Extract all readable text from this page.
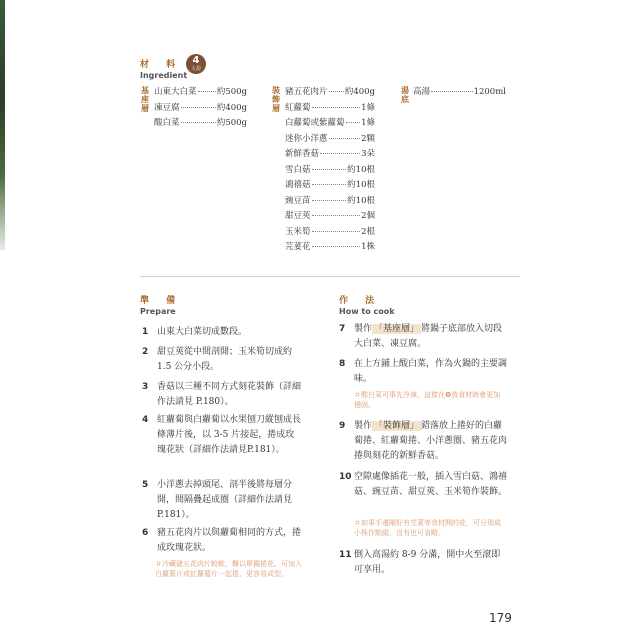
材 料
Ingredient
4
人份
基座層
山東大白菜 約500g
凍豆腐	約400g
酸白菜	約500g
裝飾層
豬五花肉片 約400g
紅蘿蔔	1條
白蘿蔔或紫蘿蔔 1條
迷你小洋蔥	2顆
新鮮香菇	3朵
雪白菇	約10根
鴻禧菇	約10根
豌豆苗	約10根
甜豆莢	2個
玉米筍	2根
芫荽花	1株
湯底
高湯	1200ml
準 備
Prepare
1 山東大白菜切成數段。
2 甜豆莢從中間剖開；玉米筍切成約1.5 公分小段。
3 香菇以三種不同方式刻花裝飾（詳細作法請見 P.180）。
4 紅蘿蔔與白蘿蔔以水果刨刀縱刨成長條薄片後，以 3-5 片接起，捲成玫瑰花狀（詳細作法請見P.181）。
5 小洋蔥去掉頭尾、剖半後將每層分開，間隔疊起成圈（詳細作法請見P.181）。
6 豬五花肉片以與蘿蔔相同的方式，捲成玫瑰花狀。
＃冷藏豬五花肉片較軟，難以單獨捲花。可加入白蘿蔔片或紅蘿蔔片一起捲，更容易成型。
作 法
How to cook
7 製作 「基座層」 將鍋子底部放入切段大白菜、凍豆腐。
8 在上方鋪上酸白菜，作為火鍋的主要調味。
＃酸白菜可事先冷凍，這樣在❾放食材時會更加穩固。
9 製作 「裝飾層」 錯落放上捲好的白蘿蔔捲、紅蘿蔔捲、小洋蔥圈、豬五花肉捲與刻花的新鮮香菇。
10 空隙處像插花一般，插入雪白菇、鴻禧菇、豌豆苗、甜豆莢、玉米筍作裝飾。
＃如果手邊剛好有芫荽等食材開的花，可分別成小株作點綴，沒有也可省略。
11 倒入高湯約 8-9 分滿，開中火至滾即可享用。
179
